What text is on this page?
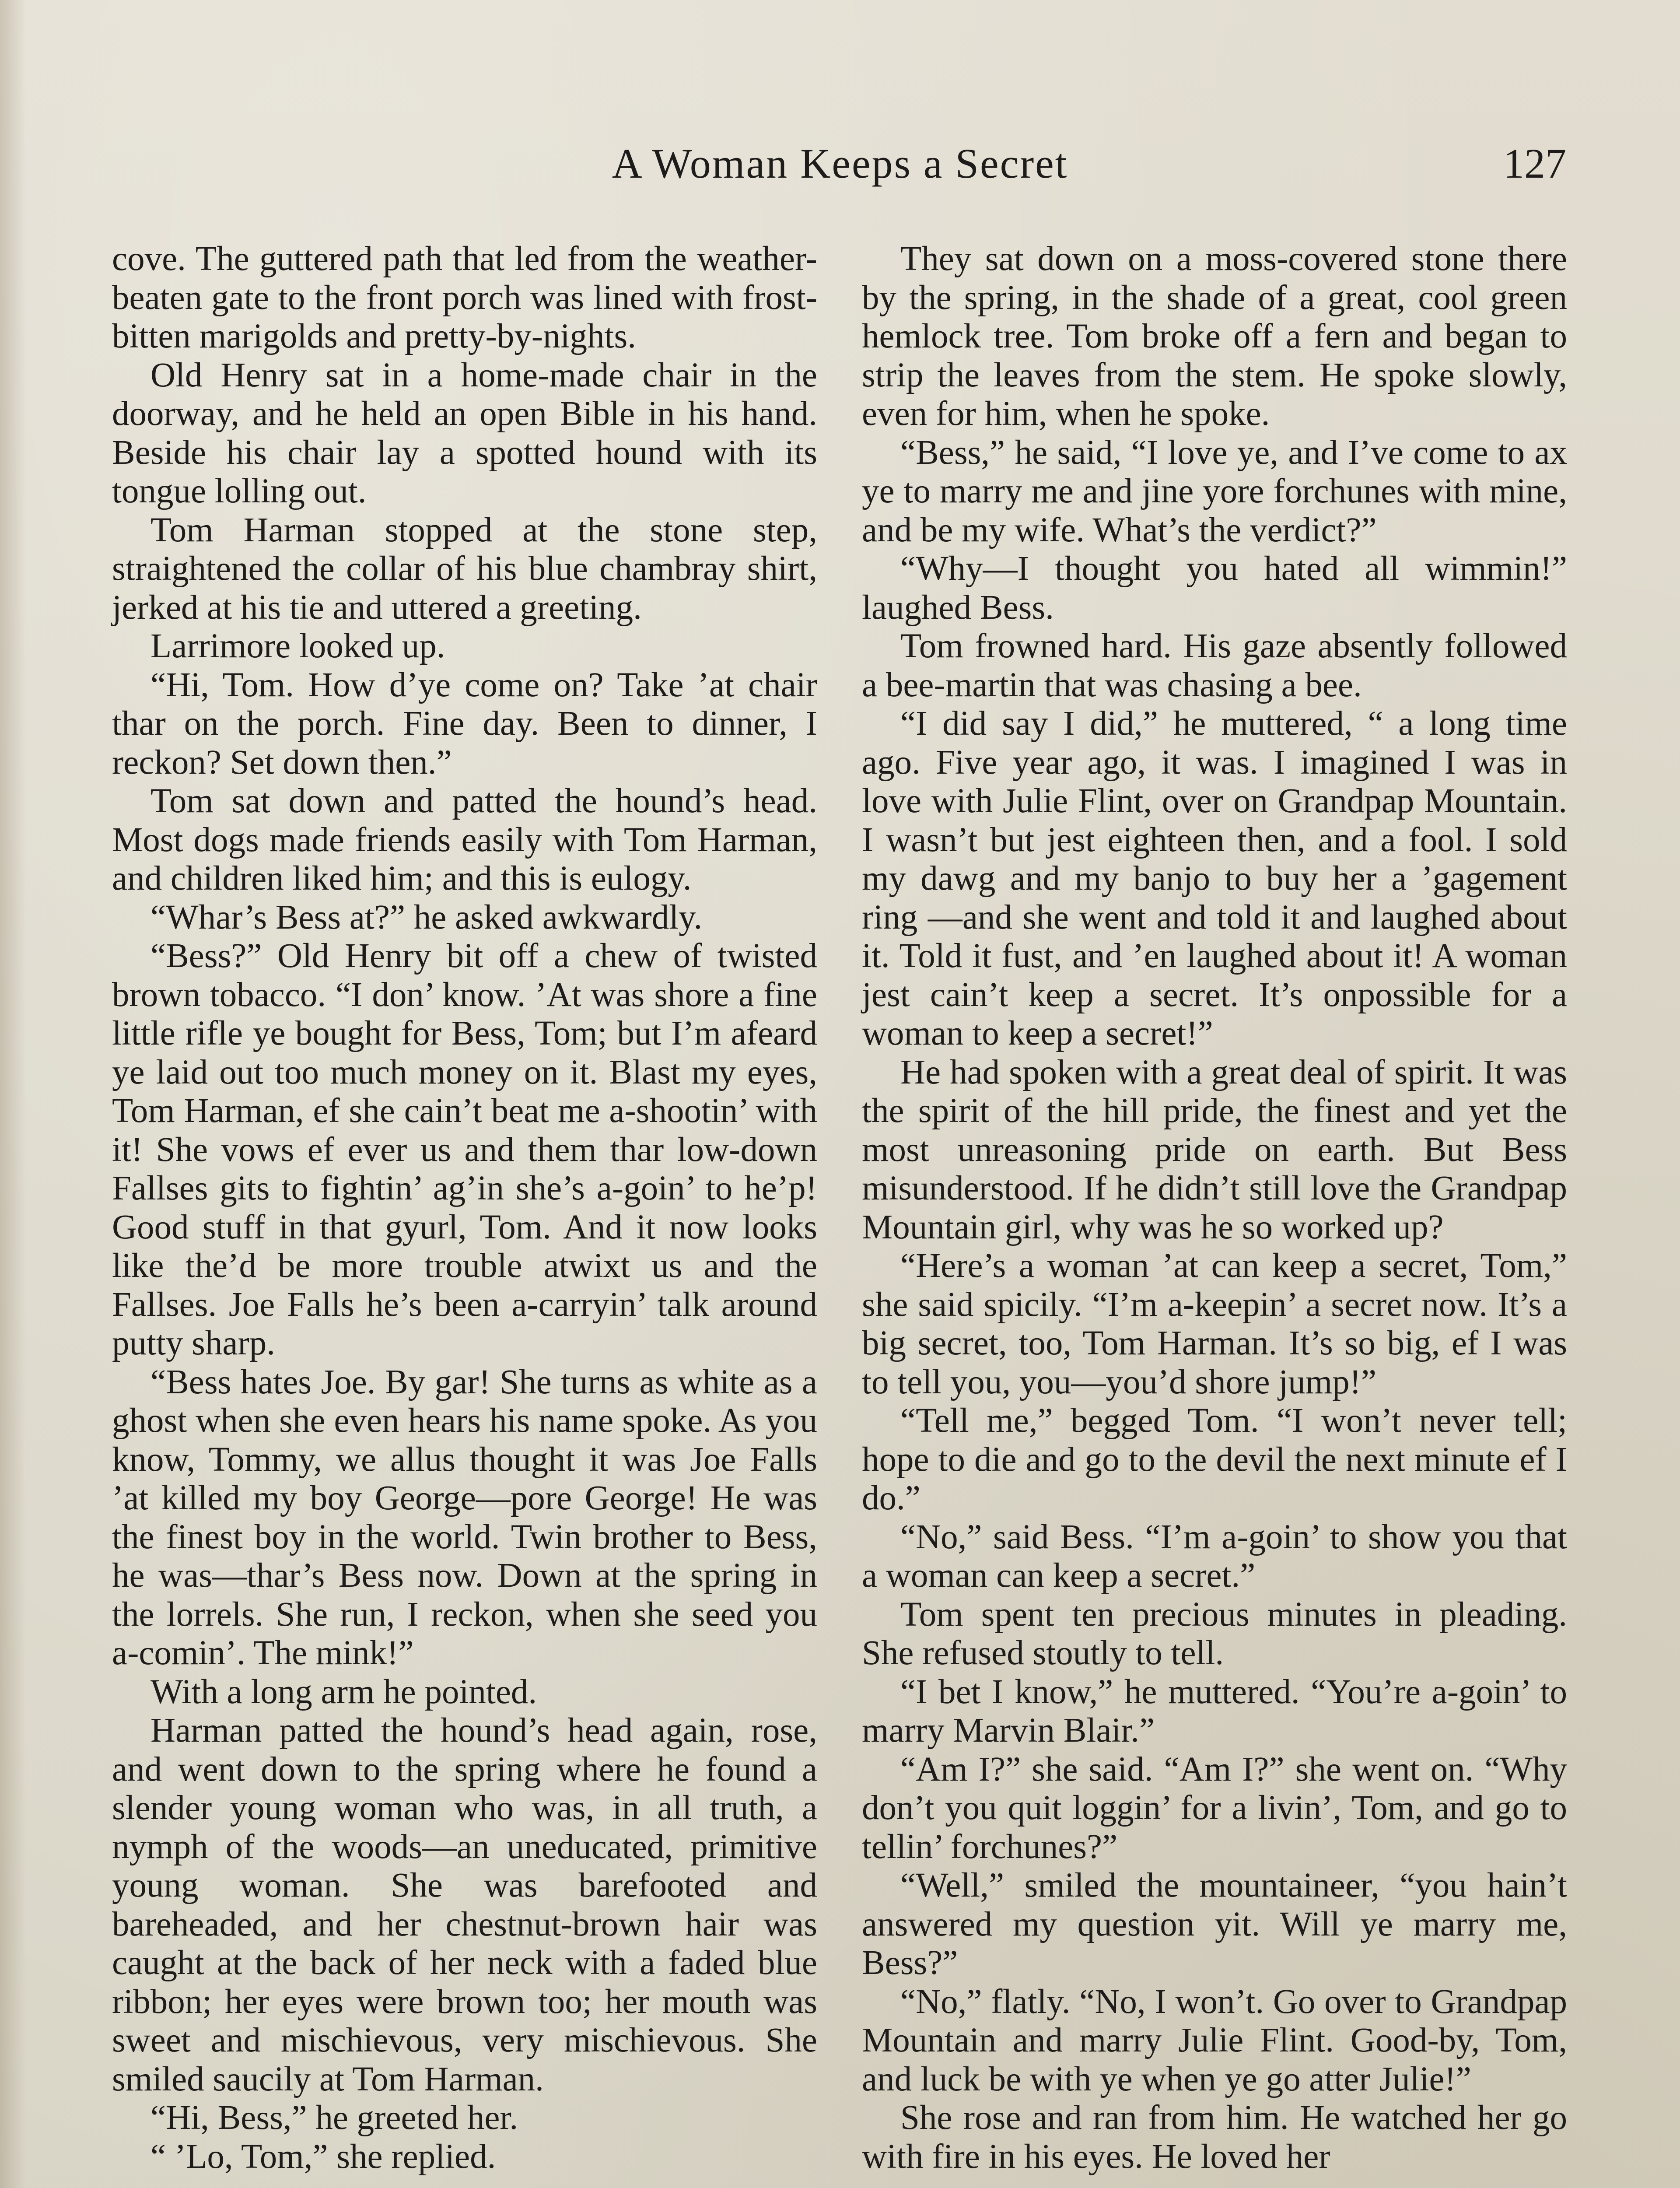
A Woman Keeps a Secret	127

cove. The guttered path that led from the weather-beaten gate to the front porch was lined with frost-bitten marigolds and pretty-by-nights.

Old Henry sat in a home-made chair in the doorway, and he held an open Bible in his hand. Beside his chair lay a spotted hound with its tongue lolling out.

Tom Harman stopped at the stone step, straightened the collar of his blue chambray shirt, jerked at his tie and uttered a greeting.

Larrimore looked up.

“Hi, Tom. How d’ye come on? Take ’at chair thar on the porch. Fine day. Been to dinner, I reckon? Set down then.”

Tom sat down and patted the hound’s head. Most dogs made friends easily with Tom Harman, and children liked him; and this is eulogy.

“Whar’s Bess at?” he asked awkwardly.

“Bess?” Old Henry bit off a chew of twisted brown tobacco. “I don’ know. ’At was shore a fine little rifle ye bought for Bess, Tom; but I’m afeard ye laid out too much money on it. Blast my eyes, Tom Harman, ef she cain’t beat me a-shootin’ with it! She vows ef ever us and them thar low-down Fallses gits to fightin’ ag’in she’s a-goin’ to he’p! Good stuff in that gyurl, Tom. And it now looks like the’d be more trouble atwixt us and the Fallses. Joe Falls he’s been a-carryin’ talk around putty sharp.

“Bess hates Joe. By gar! She turns as white as a ghost when she even hears his name spoke. As you know, Tommy, we allus thought it was Joe Falls ’at killed my boy George—pore George! He was the finest boy in the world. Twin brother to Bess, he was—thar’s Bess now. Down at the spring in the lorrels. She run, I reckon, when she seed you a-comin’. The mink!”

With a long arm he pointed.

Harman patted the hound’s head again, rose, and went down to the spring where he found a slender young woman who was, in all truth, a nymph of the woods—an uneducated, primitive young woman. She was barefooted and bareheaded, and her chestnut-brown hair was caught at the back of her neck with a faded blue ribbon; her eyes were brown too; her mouth was sweet and mischievous, very mischievous. She smiled saucily at Tom Harman.

“Hi, Bess,” he greeted her.

“ ’Lo, Tom,” she replied.

They sat down on a moss-covered stone there by the spring, in the shade of a great, cool green hemlock tree. Tom broke off a fern and began to strip the leaves from the stem. He spoke slowly, even for him, when he spoke.

“Bess,” he said, “I love ye, and I’ve come to ax ye to marry me and jine yore forchunes with mine, and be my wife. What’s the verdict?”

“Why—I thought you hated all wimmin!” laughed Bess.

Tom frowned hard. His gaze absently followed a bee-martin that was chasing a bee.

“I did say I did,” he muttered, “ a long time ago. Five year ago, it was. I imagined I was in love with Julie Flint, over on Grandpap Mountain. I wasn’t but jest eighteen then, and a fool. I sold my dawg and my banjo to buy her a ’gagement ring —and she went and told it and laughed about it. Told it fust, and ’en laughed about it! A woman jest cain’t keep a secret. It’s onpossible for a woman to keep a secret!”

He had spoken with a great deal of spirit. It was the spirit of the hill pride, the finest and yet the most unreasoning pride on earth. But Bess misunderstood. If he didn’t still love the Grandpap Mountain girl, why was he so worked up?

“Here’s a woman ’at can keep a secret, Tom,” she said spicily. “I’m a-keepin’ a secret now. It’s a big secret, too, Tom Harman. It’s so big, ef I was to tell you, you—you’d shore jump!”

“Tell me,” begged Tom. “I won’t never tell; hope to die and go to the devil the next minute ef I do.”

“No,” said Bess. “I’m a-goin’ to show you that a woman can keep a secret.”

Tom spent ten precious minutes in pleading. She refused stoutly to tell.

“I bet I know,” he muttered. “You’re a-goin’ to marry Marvin Blair.”

“Am I?” she said. “Am I?” she went on. “Why don’t you quit loggin’ for a livin’, Tom, and go to tellin’ forchunes?”

“Well,” smiled the mountaineer, “you hain’t answered my question yit. Will ye marry me, Bess?”

“No,” flatly. “No, I won’t. Go over to Grandpap Mountain and marry Julie Flint. Good-by, Tom, and luck be with ye when ye go atter Julie!”

She rose and ran from him. He watched her go with fire in his eyes. He loved her
